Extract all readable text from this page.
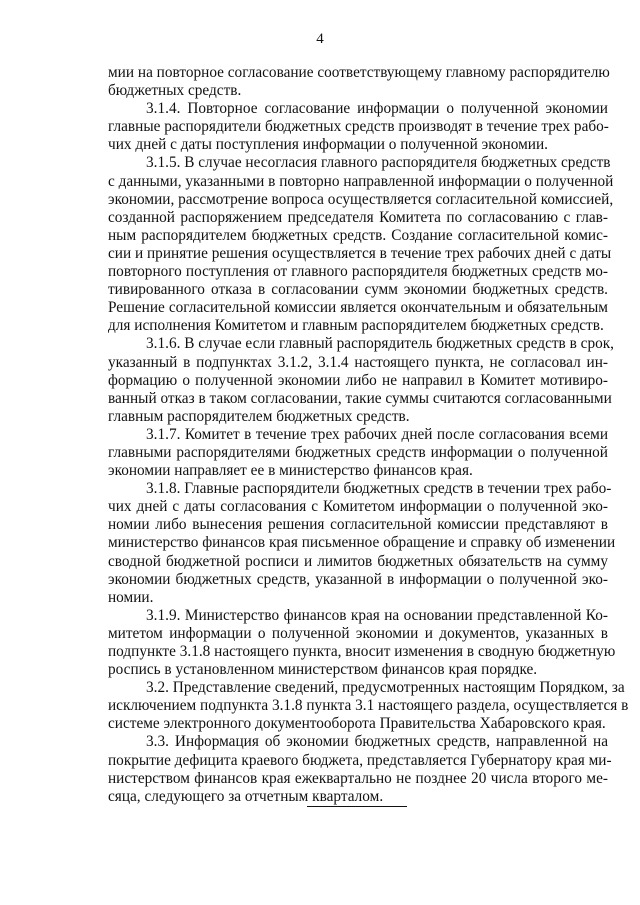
4
мии на повторное согласование соответствующему главному распорядителю
бюджетных средств.
3.1.4. Повторное согласование информации о полученной экономии
главные распорядители бюджетных средств производят в течение трех рабо-
чих дней с даты поступления информации о полученной экономии.
3.1.5. В случае несогласия главного распорядителя бюджетных средств
с данными, указанными в повторно направленной информации о полученной
экономии, рассмотрение вопроса осуществляется согласительной комиссией,
созданной распоряжением председателя Комитета по согласованию с глав-
ным распорядителем бюджетных средств. Создание согласительной комис-
сии и принятие решения осуществляется в течение трех рабочих дней с даты
повторного поступления от главного распорядителя бюджетных средств мо-
тивированного отказа в согласовании сумм экономии бюджетных средств.
Решение согласительной комиссии является окончательным и обязательным
для исполнения Комитетом и главным распорядителем бюджетных средств.
3.1.6. В случае если главный распорядитель бюджетных средств в срок,
указанный в подпунктах 3.1.2, 3.1.4 настоящего пункта, не согласовал ин-
формацию о полученной экономии либо не направил в Комитет мотивиро-
ванный отказ в таком согласовании, такие суммы считаются согласованными
главным распорядителем бюджетных средств.
3.1.7. Комитет в течение трех рабочих дней после согласования всеми
главными распорядителями бюджетных средств информации о полученной
экономии направляет ее в министерство финансов края.
3.1.8. Главные распорядители бюджетных средств в течении трех рабо-
чих дней с даты согласования с Комитетом информации о полученной эко-
номии либо вынесения решения согласительной комиссии представляют в
министерство финансов края письменное обращение и справку об изменении
сводной бюджетной росписи и лимитов бюджетных обязательств на сумму
экономии бюджетных средств, указанной в информации о полученной эко-
номии.
3.1.9. Министерство финансов края на основании представленной Ко-
митетом информации о полученной экономии и документов, указанных в
подпункте 3.1.8 настоящего пункта, вносит изменения в сводную бюджетную
роспись в установленном министерством финансов края порядке.
3.2. Представление сведений, предусмотренных настоящим Порядком, за
исключением подпункта 3.1.8 пункта 3.1 настоящего раздела, осуществляется в
системе электронного документооборота Правительства Хабаровского края.
3.3. Информация об экономии бюджетных средств, направленной на
покрытие дефицита краевого бюджета, представляется Губернатору края ми-
нистерством финансов края ежеквартально не позднее 20 числа второго ме-
сяца, следующего за отчетным кварталом.
